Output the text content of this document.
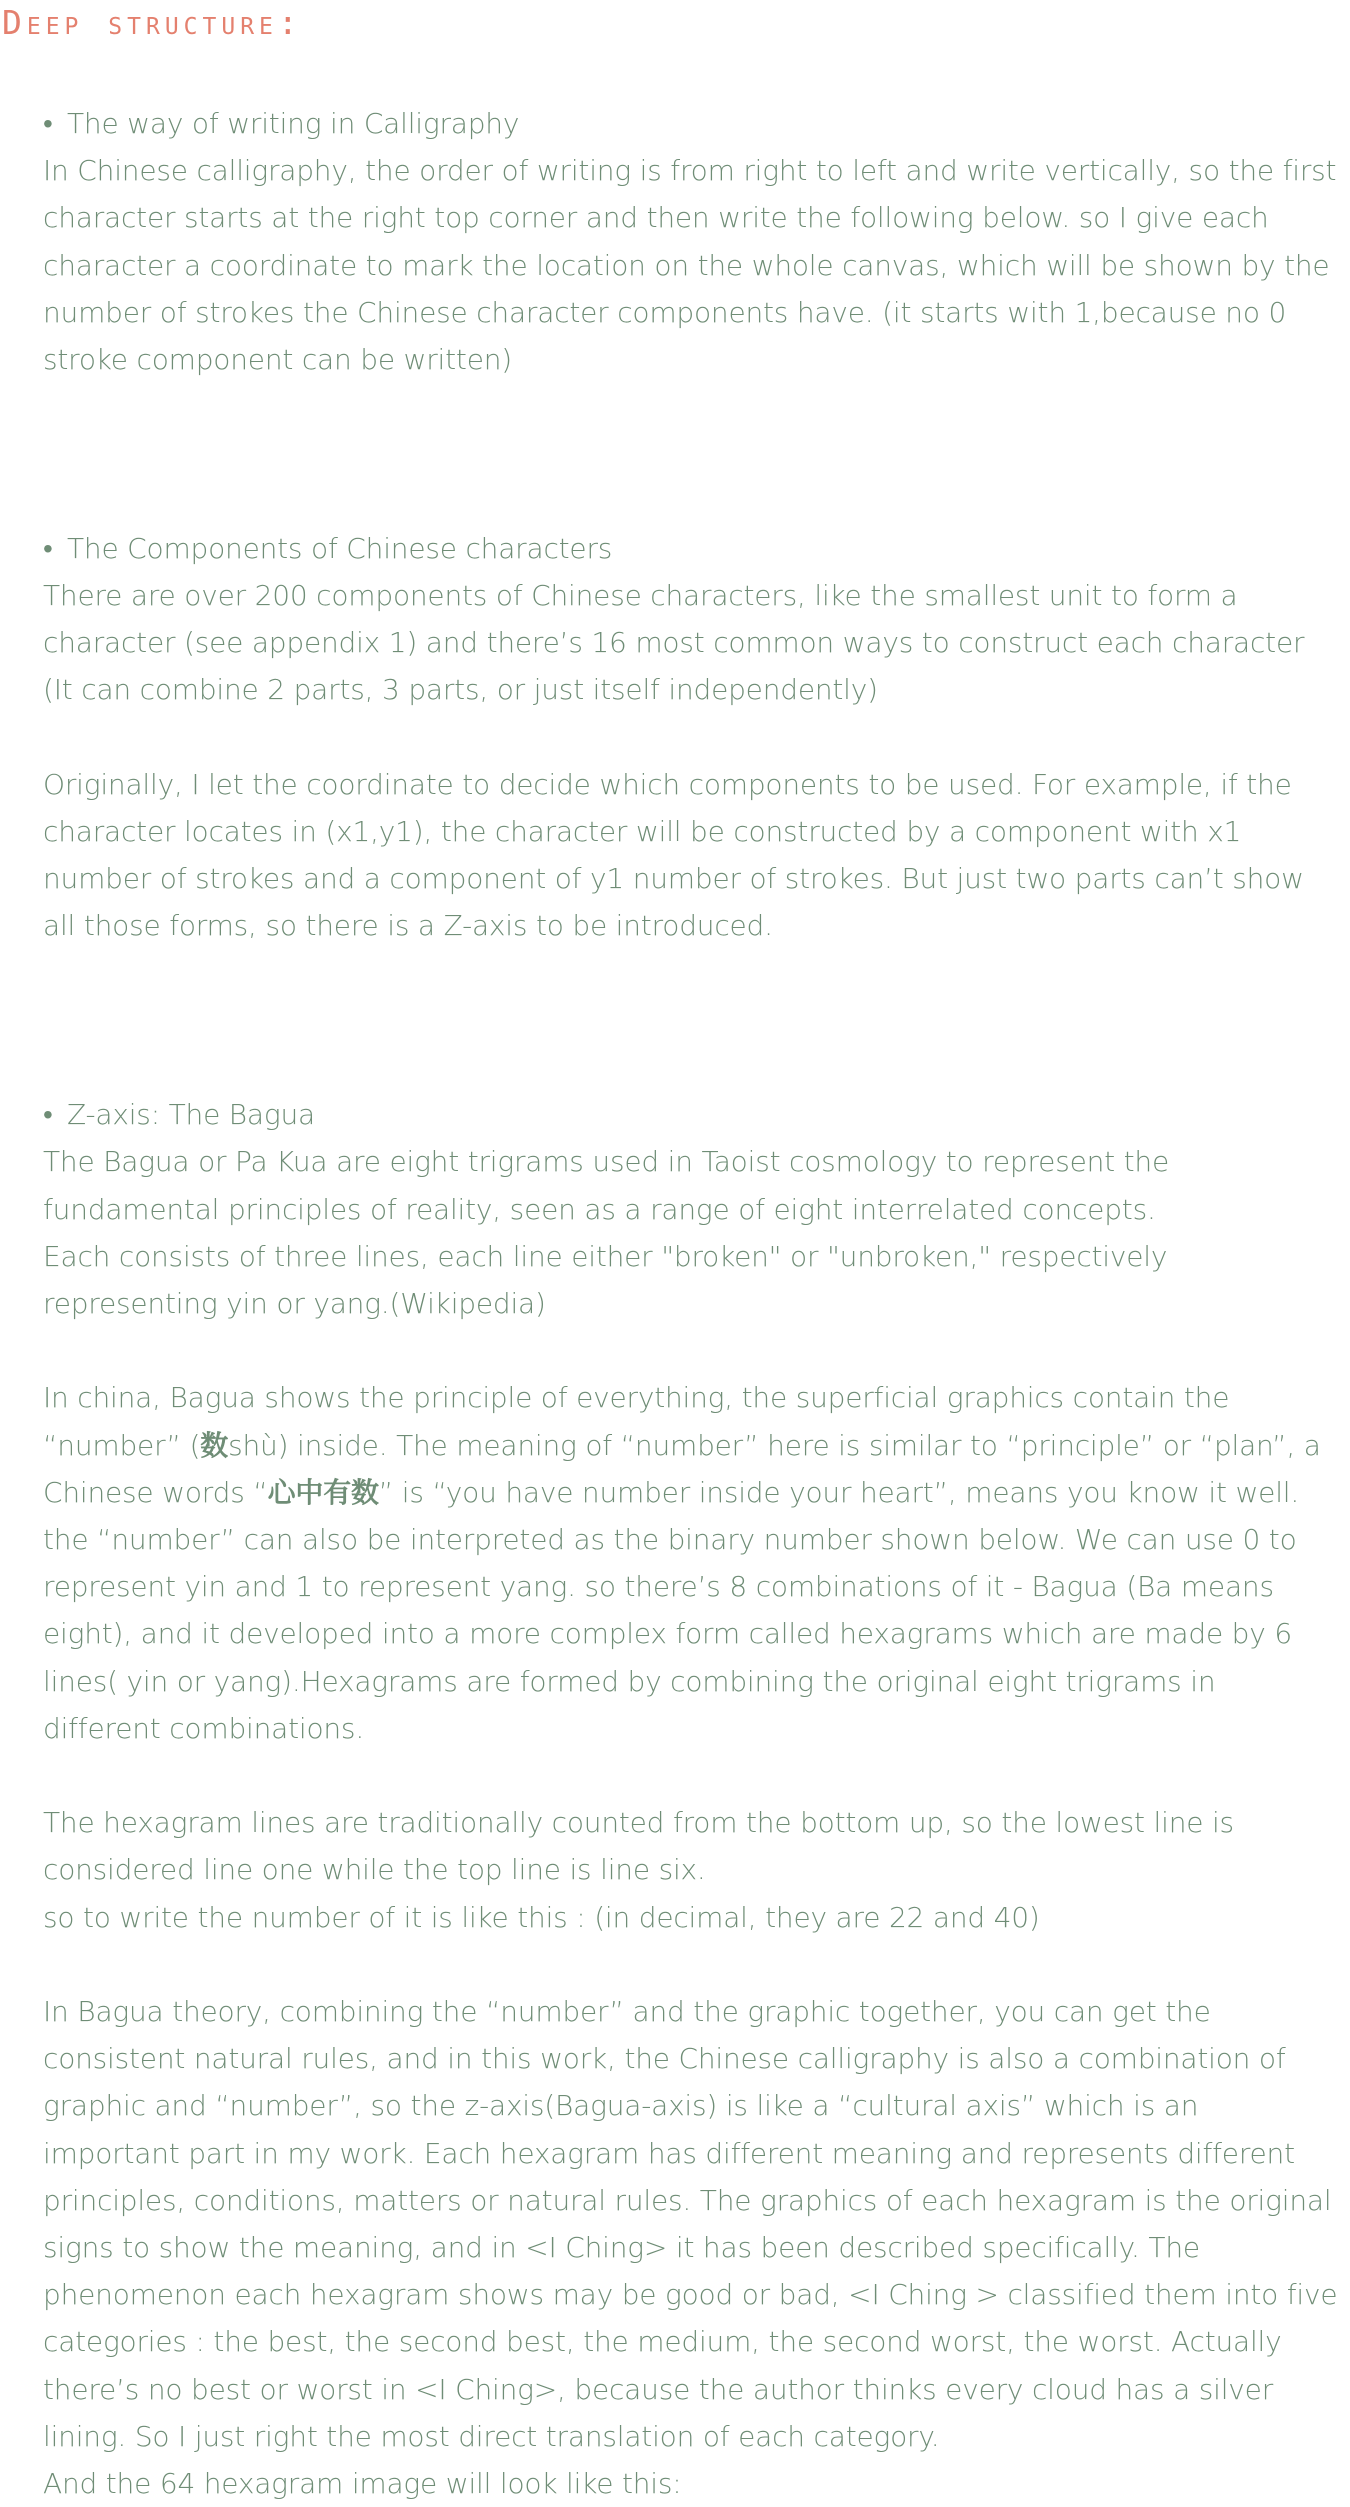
Deep structure:

• The way of writing in Calligraphy

In Chinese calligraphy, the order of writing is from right to left and write vertically, so the first character starts at the right top corner and then write the following below. so I give each character a coordinate to mark the location on the whole canvas, which will be shown by the number of strokes the Chinese character components have. (it starts with 1,because no 0 stroke component can be written)

• The Components of Chinese characters

There are over 200 components of Chinese characters, like the smallest unit to form a character (see appendix 1) and there’s 16 most common ways to construct each character (It can combine 2 parts, 3 parts, or just itself independently)

Originally, I let the coordinate to decide which components to be used. For example, if the character locates in (x1,y1), the character will be constructed by a component with x1 number of strokes and a component of y1 number of strokes. But just two parts can’t show all those forms, so there is a Z-axis to be introduced.

• Z-axis: The Bagua

The Bagua or Pa Kua are eight trigrams used in Taoist cosmology to represent the fundamental principles of reality, seen as a range of eight interrelated concepts.

Each consists of three lines, each line either "broken" or "unbroken," respectively representing yin or yang.(Wikipedia)

In china, Bagua shows the principle of everything, the superficial graphics contain the “number” (数shù) inside. The meaning of “number” here is similar to “principle” or “plan”, a Chinese words “心中有数” is “you have number inside your heart”, means you know it well. the “number” can also be interpreted as the binary number shown below. We can use 0 to represent yin and 1 to represent yang. so there’s 8 combinations of it - Bagua (Ba means eight), and it developed into a more complex form called hexagrams which are made by 6 lines( yin or yang).Hexagrams are formed by combining the original eight trigrams in different combinations.

The hexagram lines are traditionally counted from the bottom up, so the lowest line is considered line one while the top line is line six.

so to write the number of it is like this : (in decimal, they are 22 and 40)

In Bagua theory, combining the “number” and the graphic together, you can get the consistent natural rules, and in this work, the Chinese calligraphy is also a combination of graphic and “number”, so the z-axis(Bagua-axis) is like a “cultural axis” which is an important part in my work. Each hexagram has different meaning and represents different principles, conditions, matters or natural rules. The graphics of each hexagram is the original signs to show the meaning, and in <I Ching> it has been described specifically. The phenomenon each hexagram shows may be good or bad, <I Ching > classified them into five categories : the best, the second best, the medium, the second worst, the worst. Actually there’s no best or worst in <I Ching>, because the author thinks every cloud has a silver lining. So I just right the most direct translation of each category.

And the 64 hexagram image will look like this:
